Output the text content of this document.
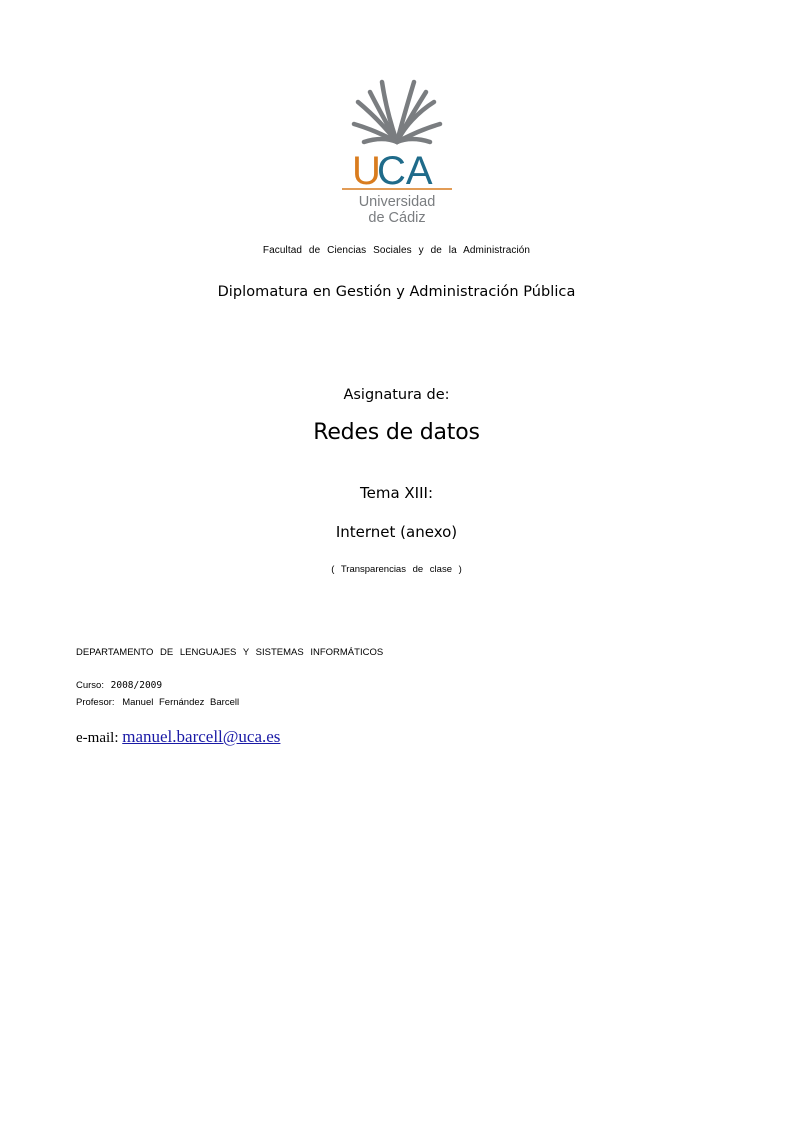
U
CA
Universidad
de Cádiz
Facultad de Ciencias Sociales y de la Administración
Diplomatura en Gestión y Administración Pública
Asignatura de:
Redes de datos
Tema XIII:
Internet (anexo)
( Transparencias de clase )
DEPARTAMENTO DE LENGUAJES Y SISTEMAS INFORMÁTICOS
Curso: 2008/2009
Profesor: Manuel Fernández Barcell
e-mail: manuel.barcell@uca.es
